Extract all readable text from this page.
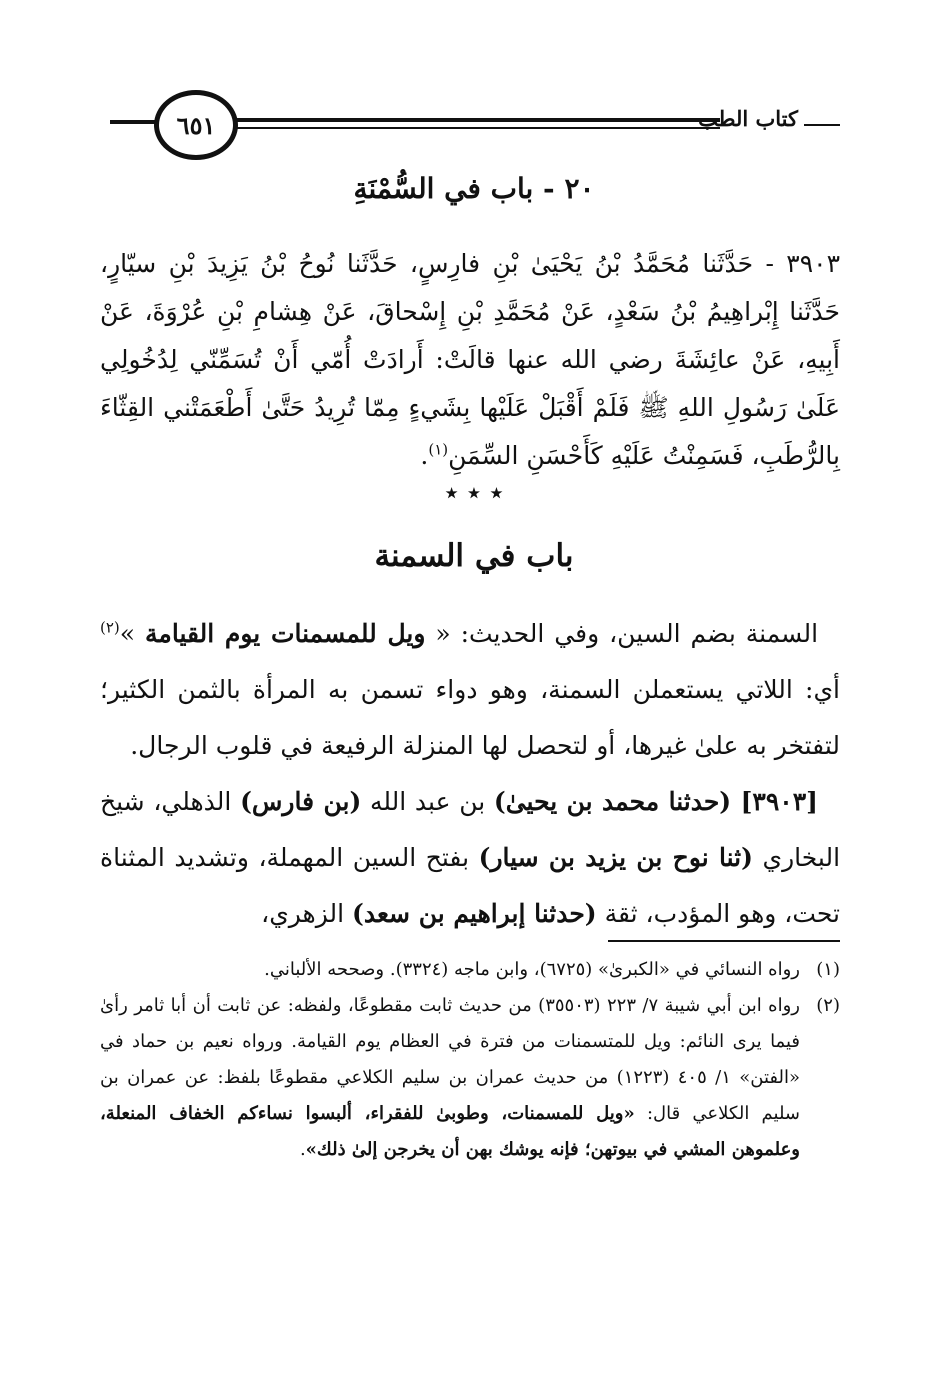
كتاب الطب
٦٥١
٢٠ - باب في السُّمْنَةِ
٣٩٠٣ - حَدَّثَنا مُحَمَّدُ بْنُ يَحْيَىٰ بْنِ فارِسٍ، حَدَّثَنا نُوحُ بْنُ يَزِيدَ بْنِ سيّارٍ، حَدَّثَنا إِبْراهِيمُ بْنُ سَعْدٍ، عَنْ مُحَمَّدِ بْنِ إِسْحاقَ، عَنْ هِشامِ بْنِ عُرْوَةَ، عَنْ أَبِيهِ، عَنْ عائِشَةَ رضي الله عنها قالَتْ: أَرادَتْ أُمّي أَنْ تُسَمِّنّي لِدُخُولِي عَلَىٰ رَسُولِ اللهِ ﷺ فَلَمْ أَقْبَلْ عَلَيْها بِشَيءٍ مِمّا تُرِيدُ حَتَّىٰ أَطْعَمَتْني القِثّاءَ بِالرُّطَبِ، فَسَمِنْتُ عَلَيْهِ كَأَحْسَنِ السِّمَنِ$^{(١)}$.
٭ ٭ ٭
باب في السمنة

السمنة بضم السين، وفي الحديث: « ويل للمسمنات يوم القيامة »$^{(٢)}$ أي: اللاتي يستعملن السمنة، وهو دواء تسمن به المرأة بالثمن الكثير؛ لتفتخر به علىٰ غيرها، أو لتحصل لها المنزلة الرفيعة في قلوب الرجال.

[٣٩٠٣] (حدثنا محمد بن يحيىٰ) بن عبد الله (بن فارس) الذهلي، شيخ البخاري (ثنا نوح بن يزيد بن سيار) بفتح السين المهملة، وتشديد المثناة تحت، وهو المؤدب، ثقة (حدثنا إبراهيم بن سعد) الزهري،

(١)
رواه النسائي في «الكبرىٰ» (٦٧٢٥)، وابن ماجه (٣٣٢٤). وصححه الألباني.
(٢)
رواه ابن أبي شيبة ٧/ ٢٢٣ (٣٥٥٠٣) من حديث ثابت مقطوعًا، ولفظه: عن ثابت أن أبا ثامر رأىٰ فيما يرى النائم: ويل للمتسمنات من فترة في العظام يوم القيامة. ورواه نعيم بن حماد في «الفتن» ١/ ٤٠٥ (١٢٢٣) من حديث عمران بن سليم الكلاعي مقطوعًا بلفظ: عن عمران بن سليم الكلاعي قال: «ويل للمسمنات، وطوبىٰ للفقراء، ألبسوا نساءكم الخفاف المنعلة، وعلموهن المشي في بيوتهن؛ فإنه يوشك بهن أن يخرجن إلىٰ ذلك».
